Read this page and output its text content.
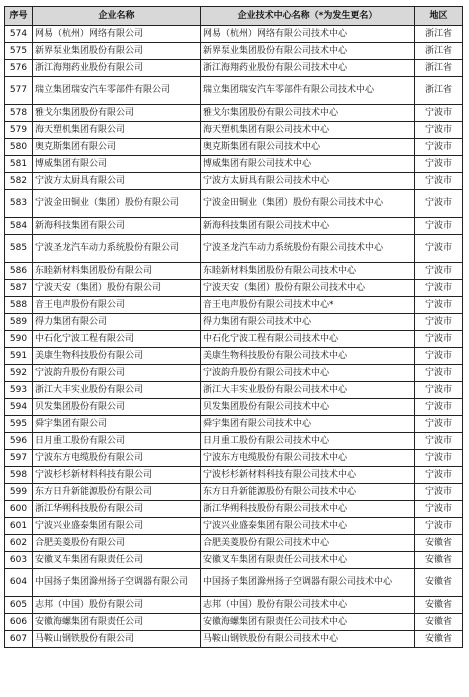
序号	企业名称	企业技术中心名称（*为发生更名）	地区
574	网易（杭州）网络有限公司	网易（杭州）网络有限公司技术中心	浙江省
575	新界泵业集团股份有限公司	新界泵业集团股份有限公司技术中心	浙江省
576	浙江海翔药业股份有限公司	浙江海翔药业股份有限公司技术中心	浙江省
577	瑞立集团瑞安汽车零部件有限公司	瑞立集团瑞安汽车零部件有限公司技术中心	浙江省
578	雅戈尔集团股份有限公司	雅戈尔集团股份有限公司技术中心	宁波市
579	海天塑机集团有限公司	海天塑机集团有限公司技术中心	宁波市
580	奥克斯集团有限公司	奥克斯集团有限公司技术中心	宁波市
581	博威集团有限公司	博威集团有限公司技术中心	宁波市
582	宁波方太厨具有限公司	宁波方太厨具有限公司技术中心	宁波市
583	宁波金田铜业（集团）股份有限公司	宁波金田铜业（集团）股份有限公司技术中心	宁波市
584	新海科技集团有限公司	新海科技集团有限公司技术中心	宁波市
585	宁波圣龙汽车动力系统股份有限公司	宁波圣龙汽车动力系统股份有限公司技术中心	宁波市
586	东睦新材料集团股份有限公司	东睦新材料集团股份有限公司技术中心	宁波市
587	宁波天安（集团）股份有限公司	宁波天安（集团）股份有限公司技术中心	宁波市
588	音王电声股份有限公司	音王电声股份有限公司技术中心*	宁波市
589	得力集团有限公司	得力集团有限公司技术中心	宁波市
590	中石化宁波工程有限公司	中石化宁波工程有限公司技术中心	宁波市
591	美康生物科技股份有限公司	美康生物科技股份有限公司技术中心	宁波市
592	宁波韵升股份有限公司	宁波韵升股份有限公司技术中心	宁波市
593	浙江大丰实业股份有限公司	浙江大丰实业股份有限公司技术中心	宁波市
594	贝发集团股份有限公司	贝发集团股份有限公司技术中心	宁波市
595	舜宇集团有限公司	舜宇集团有限公司技术中心	宁波市
596	日月重工股份有限公司	日月重工股份有限公司技术中心	宁波市
597	宁波东方电缆股份有限公司	宁波东方电缆股份有限公司技术中心	宁波市
598	宁波杉杉新材料科技有限公司	宁波杉杉新材料科技有限公司技术中心	宁波市
599	东方日升新能源股份有限公司	东方日升新能源股份有限公司技术中心	宁波市
600	浙江华朔科技股份有限公司	浙江华朔科技股份有限公司技术中心	宁波市
601	宁波兴业盛泰集团有限公司	宁波兴业盛泰集团有限公司技术中心	宁波市
602	合肥美菱股份有限公司	合肥美菱股份有限公司技术中心	安徽省
603	安徽叉车集团有限责任公司	安徽叉车集团有限责任公司技术中心	安徽省
604	中国扬子集团滁州扬子空调器有限公司	中国扬子集团滁州扬子空调器有限公司技术中心	安徽省
605	志邦（中国）股份有限公司	志邦（中国）股份有限公司技术中心	安徽省
606	安徽海螺集团有限责任公司	安徽海螺集团有限责任公司技术中心	安徽省
607	马鞍山钢铁股份有限公司	马鞍山钢铁股份有限公司技术中心	安徽省
